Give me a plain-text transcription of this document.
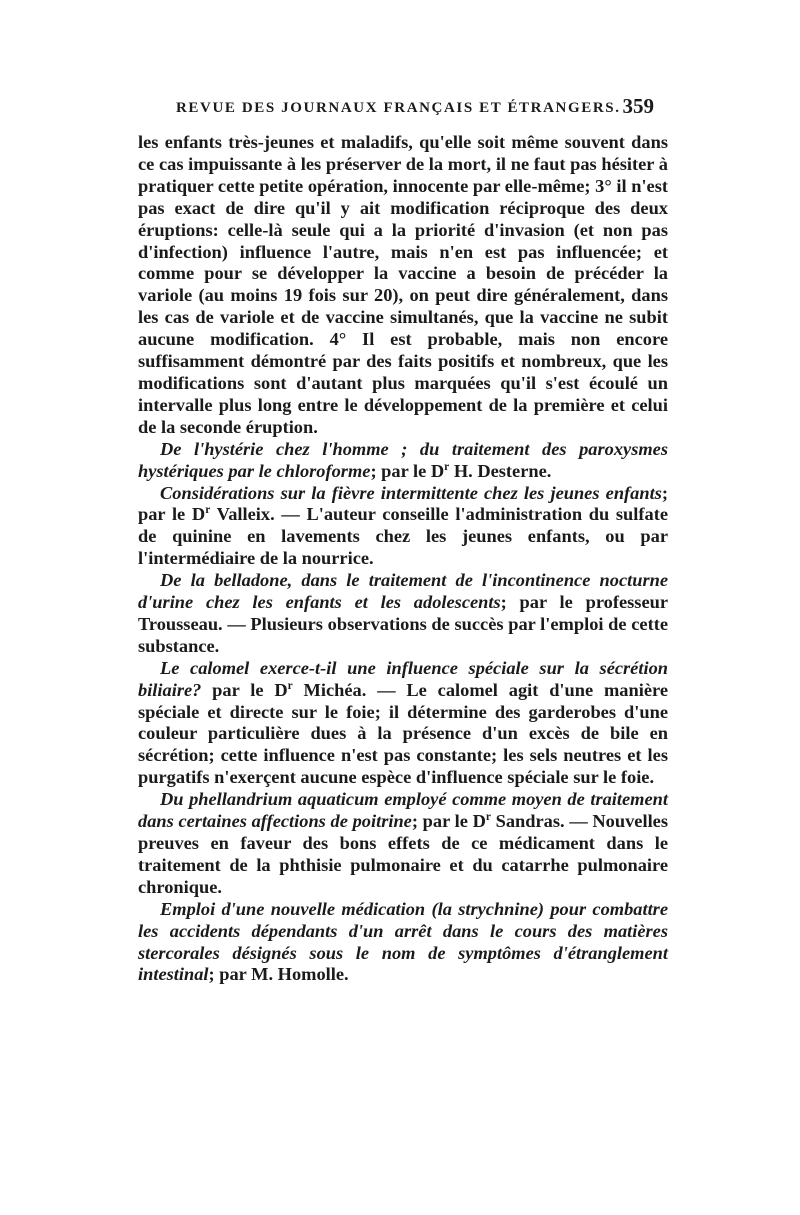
REVUE DES JOURNAUX FRANÇAIS ET ÉTRANGERS. 359

les enfants très-jeunes et maladifs, qu'elle soit même souvent dans ce cas impuissante à les préserver de la mort, il ne faut pas hésiter à pratiquer cette petite opération, innocente par elle-même; 3° il n'est pas exact de dire qu'il y ait modification réciproque des deux éruptions: celle-là seule qui a la priorité d'invasion (et non pas d'infection) influence l'autre, mais n'en est pas influencée; et comme pour se développer la vaccine a besoin de précéder la variole (au moins 19 fois sur 20), on peut dire généralement, dans les cas de variole et de vaccine simultanés, que la vaccine ne subit aucune modification. 4° Il est probable, mais non encore suffisamment démontré par des faits positifs et nombreux, que les modifications sont d'autant plus marquées qu'il s'est écoulé un intervalle plus long entre le développement de la première et celui de la seconde éruption.

De l'hystérie chez l'homme ; du traitement des paroxysmes hystériques par le chloroforme; par le $D^r$ H. Desterne.

Considérations sur la fièvre intermittente chez les jeunes enfants; par le $D^r$ Valleix. — L'auteur conseille l'administration du sulfate de quinine en lavements chez les jeunes enfants, ou par l'intermédiaire de la nourrice.

De la belladone, dans le traitement de l'incontinence nocturne d'urine chez les enfants et les adolescents; par le professeur Trousseau. — Plusieurs observations de succès par l'emploi de cette substance.

Le calomel exerce-t-il une influence spéciale sur la sécrétion biliaire? par le $D^r$ Michéa. — Le calomel agit d'une manière spéciale et directe sur le foie; il détermine des garderobes d'une couleur particulière dues à la présence d'un excès de bile en sécrétion; cette influence n'est pas constante; les sels neutres et les purgatifs n'exerçent aucune espèce d'influence spéciale sur le foie.

Du phellandrium aquaticum employé comme moyen de traitement dans certaines affections de poitrine; par le $D^r$ Sandras. — Nouvelles preuves en faveur des bons effets de ce médicament dans le traitement de la phthisie pulmonaire et du catarrhe pulmonaire chronique.

Emploi d'une nouvelle médication (la strychnine) pour combattre les accidents dépendants d'un arrêt dans le cours des matières stercorales désignés sous le nom de symptômes d'étranglement intestinal; par M. Homolle.
